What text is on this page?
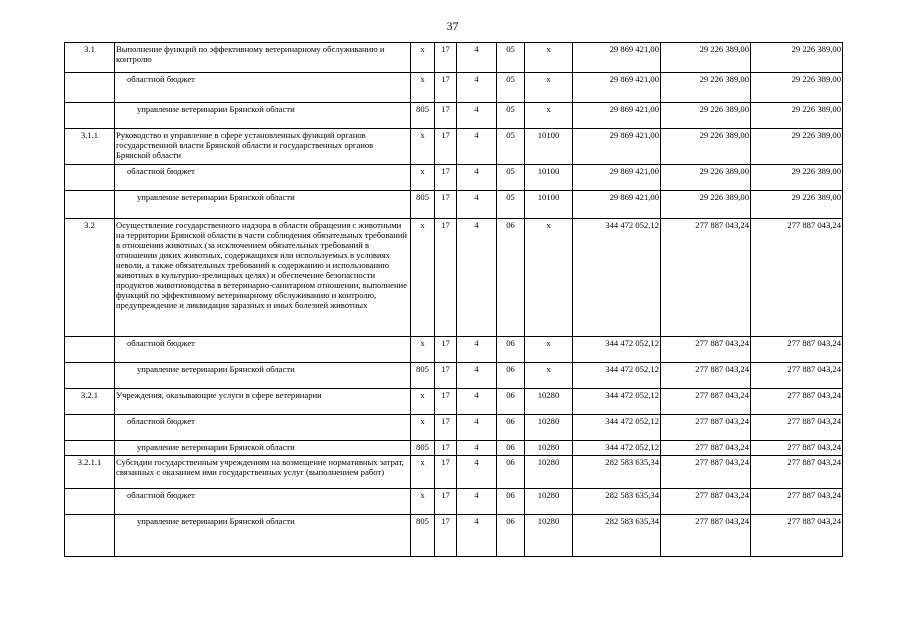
37
3.1	Выполнение функций по эффективному ветеринарному обслуживанию и контролю	x	17	4	05	x	29 869 421,00	29 226 389,00	29 226 389,00
	областной бюджет	x	17	4	05	x	29 869 421,00	29 226 389,00	29 226 389,00
	управление ветеринарии Брянской области	805	17	4	05	x	29 869 421,00	29 226 389,00	29 226 389,00
3.1.1	Руководство и управление в сфере установленных функций органов государственной власти Брянской области и государственных органов Брянской области	x	17	4	05	10100	29 869 421,00	29 226 389,00	29 226 389,00
	областной бюджет	x	17	4	05	10100	29 869 421,00	29 226 389,00	29 226 389,00
	управление ветеринарии Брянской области	805	17	4	05	10100	29 869 421,00	29 226 389,00	29 226 389,00
3.2	Осуществление государственного надзора в области обращения с животными на территории Брянской области в части соблюдения обязательных требований в отношении животных (за исключением обязательных требований в отношении диких животных, содержащихся или используемых в условиях неволи, а также обязательных требований к содержанию и использованию животных в культурно-зрелищных целях) и обеспечение безопасности продуктов животноводства в ветеринарно-санитарном отношении, выполнение функций по эффективному ветеринарному обслуживанию и контролю, предупреждение и ликвидация заразных и иных болезней животных	x	17	4	06	x	344 472 052,12	277 887 043,24	277 887 043,24
	областной бюджет	x	17	4	06	x	344 472 052,12	277 887 043,24	277 887 043,24
	управление ветеринарии Брянской области	805	17	4	06	x	344 472 052,12	277 887 043,24	277 887 043,24
3.2.1	Учреждения, оказывающие услуги в сфере ветеринарии	x	17	4	06	10280	344 472 052,12	277 887 043,24	277 887 043,24
	областной бюджет	x	17	4	06	10280	344 472 052,12	277 887 043,24	277 887 043,24
	управление ветеринарии Брянской области	805	17	4	06	10280	344 472 052,12	277 887 043,24	277 887 043,24
3.2.1.1	Субсидии государственным учреждениям на возмещение нормативных затрат, связанных с оказанием ими государственных услуг (выполнением работ)	x	17	4	06	10280	282 583 635,34	277 887 043,24	277 887 043,24
	областной бюджет	x	17	4	06	10280	282 583 635,34	277 887 043,24	277 887 043,24
	управление ветеринарии Брянской области	805	17	4	06	10280	282 583 635,34	277 887 043,24	277 887 043,24
